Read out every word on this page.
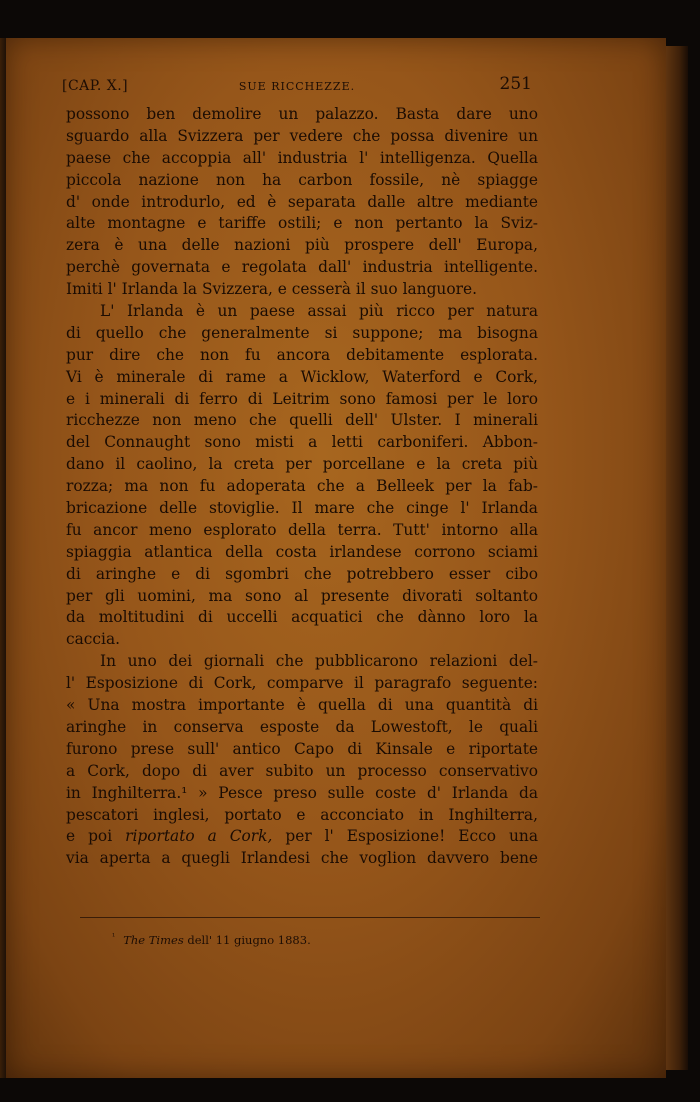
[CAP. X.]	SUE RICCHEZZE.	251
possono ben demolire un palazzo. Basta dare uno
sguardo alla Svizzera per vedere che possa divenire un
paese che accoppia all' industria l' intelligenza. Quella
piccola nazione non ha carbon fossile, nè spiagge
d' onde introdurlo, ed è separata dalle altre mediante
alte montagne e tariffe ostili; e non pertanto la Sviz-
zera è una delle nazioni più prospere dell' Europa,
perchè governata e regolata dall' industria intelligente.
Imiti l' Irlanda la Svizzera, e cesserà il suo languore.
L' Irlanda è un paese assai più ricco per natura
di quello che generalmente si suppone; ma bisogna
pur dire che non fu ancora debitamente esplorata.
Vi è minerale di rame a Wicklow, Waterford e Cork,
e i minerali di ferro di Leitrim sono famosi per le loro
ricchezze non meno che quelli dell' Ulster. I minerali
del Connaught sono misti a letti carboniferi. Abbon-
dano il caolino, la creta per porcellane e la creta più
rozza; ma non fu adoperata che a Belleek per la fab-
bricazione delle stoviglie. Il mare che cinge l' Irlanda
fu ancor meno esplorato della terra. Tutt' intorno alla
spiaggia atlantica della costa irlandese corrono sciami
di aringhe e di sgombri che potrebbero esser cibo
per gli uomini, ma sono al presente divorati soltanto
da moltitudini di uccelli acquatici che dànno loro la
caccia.
In uno dei giornali che pubblicarono relazioni del-
l' Esposizione di Cork, comparve il paragrafo seguente:
« Una mostra importante è quella di una quantità di
aringhe in conserva esposte da Lowestoft, le quali
furono prese sull' antico Capo di Kinsale e riportate
a Cork, dopo di aver subito un processo conservativo
in Inghilterra.¹ » Pesce preso sulle coste d' Irlanda da
pescatori inglesi, portato e acconciato in Inghilterra,
e poi riportato a Cork, per l' Esposizione! Ecco una
via aperta a quegli Irlandesi che voglion davvero bene
$^{^1}$ The Times dell' 11 giugno 1883.
